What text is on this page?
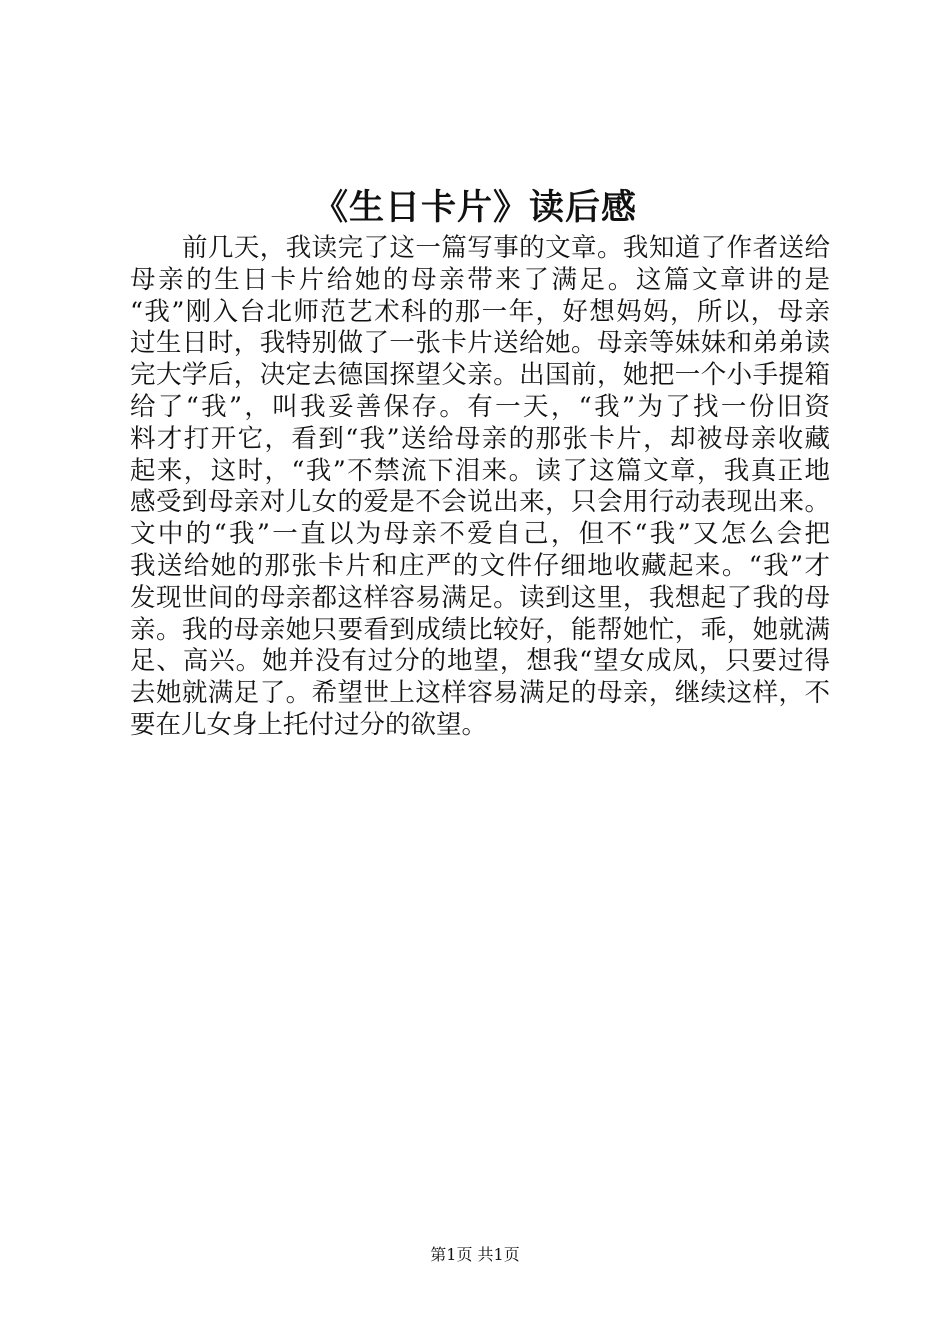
《生日卡片》读后感
前几天，我读完了这一篇写事的文章。我知道了作者送给
母亲的生日卡片给她的母亲带来了满足。这篇文章讲的是
“我”刚入台北师范艺术科的那一年，好想妈妈，所以，母亲
过生日时，我特别做了一张卡片送给她。母亲等妹妹和弟弟读
完大学后，决定去德国探望父亲。出国前，她把一个小手提箱
给了“我”，叫我妥善保存。有一天，“我”为了找一份旧资
料才打开它，看到“我”送给母亲的那张卡片，却被母亲收藏
起来，这时，“我”不禁流下泪来。读了这篇文章，我真正地
感受到母亲对儿女的爱是不会说出来，只会用行动表现出来。
文中的“我”一直以为母亲不爱自己，但不“我”又怎么会把
我送给她的那张卡片和庄严的文件仔细地收藏起来。“我”才
发现世间的母亲都这样容易满足。读到这里，我想起了我的母
亲。我的母亲她只要看到成绩比较好，能帮她忙，乖，她就满
足、高兴。她并没有过分的地望，想我“望女成凤，只要过得
去她就满足了。希望世上这样容易满足的母亲，继续这样，不
要在儿女身上托付过分的欲望。
第1页 共1页
